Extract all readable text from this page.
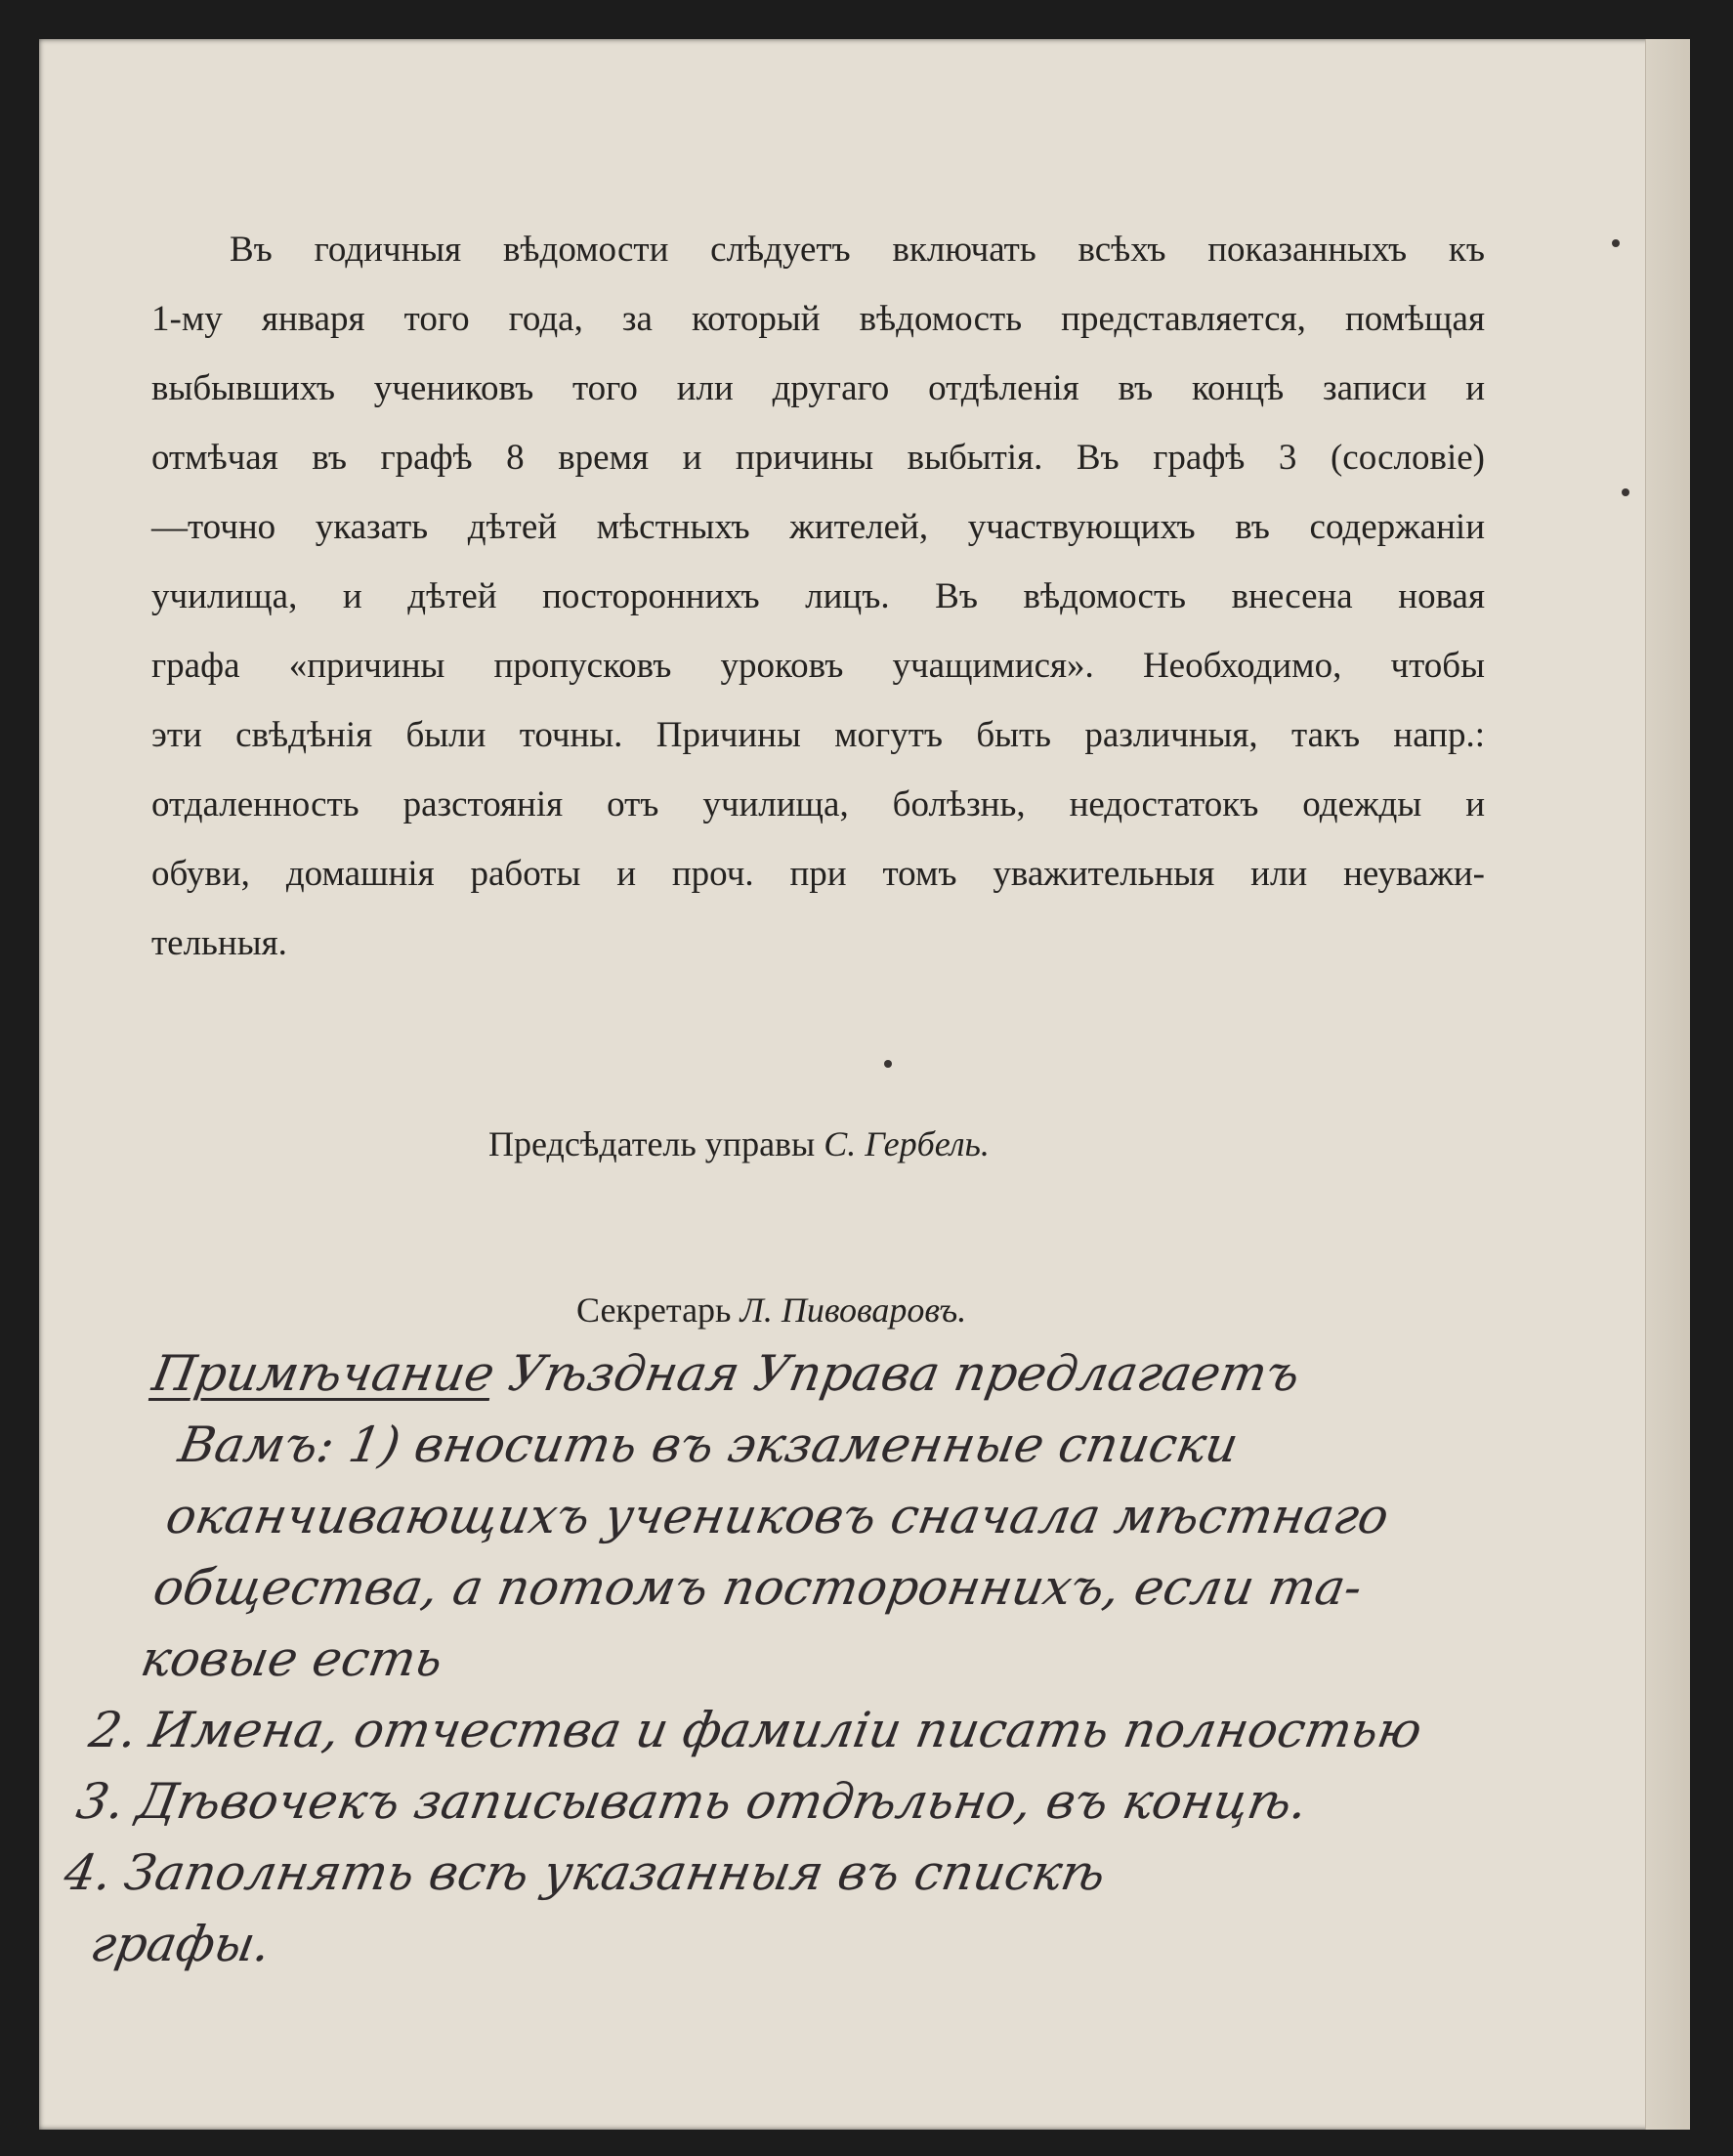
Въ годичныя вѣдомости слѣдуетъ включать всѣхъ показанныхъ къ
1-му января того года, за который вѣдомость представляется, помѣщая
выбывшихъ учениковъ того или другаго отдѣленія въ концѣ записи и
отмѣчая въ графѣ 8 время и причины выбытія. Въ графѣ 3 (сословіе)
—точно указать дѣтей мѣстныхъ жителей, участвующихъ въ содержаніи
училища, и дѣтей постороннихъ лицъ. Въ вѣдомость внесена новая
графа «причины пропусковъ уроковъ учащимися». Необходимо, чтобы
эти свѣдѣнія были точны. Причины могутъ быть различныя, такъ напр.:
отдаленность разстоянія отъ училища, болѣзнь, недостатокъ одежды и
обуви, домашнія работы и проч. при томъ уважительныя или неуважи-
тельныя.
Предсѣдатель управы С. Гербель.
Секретарь Л. Пивоваровъ.
Примѣчание Уѣздная Управа предлагаетъ
Вамъ: 1) вносить въ экзаменные списки
оканчивающихъ учениковъ сначала мѣстнаго
общества, а потомъ постороннихъ, если та-
ковые есть
2.Имена, отчества и фамиліи писать полностью
3.Дѣвочекъ записывать отдѣльно, въ концѣ.
4.Заполнять всѣ указанныя въ спискѣ
графы.
